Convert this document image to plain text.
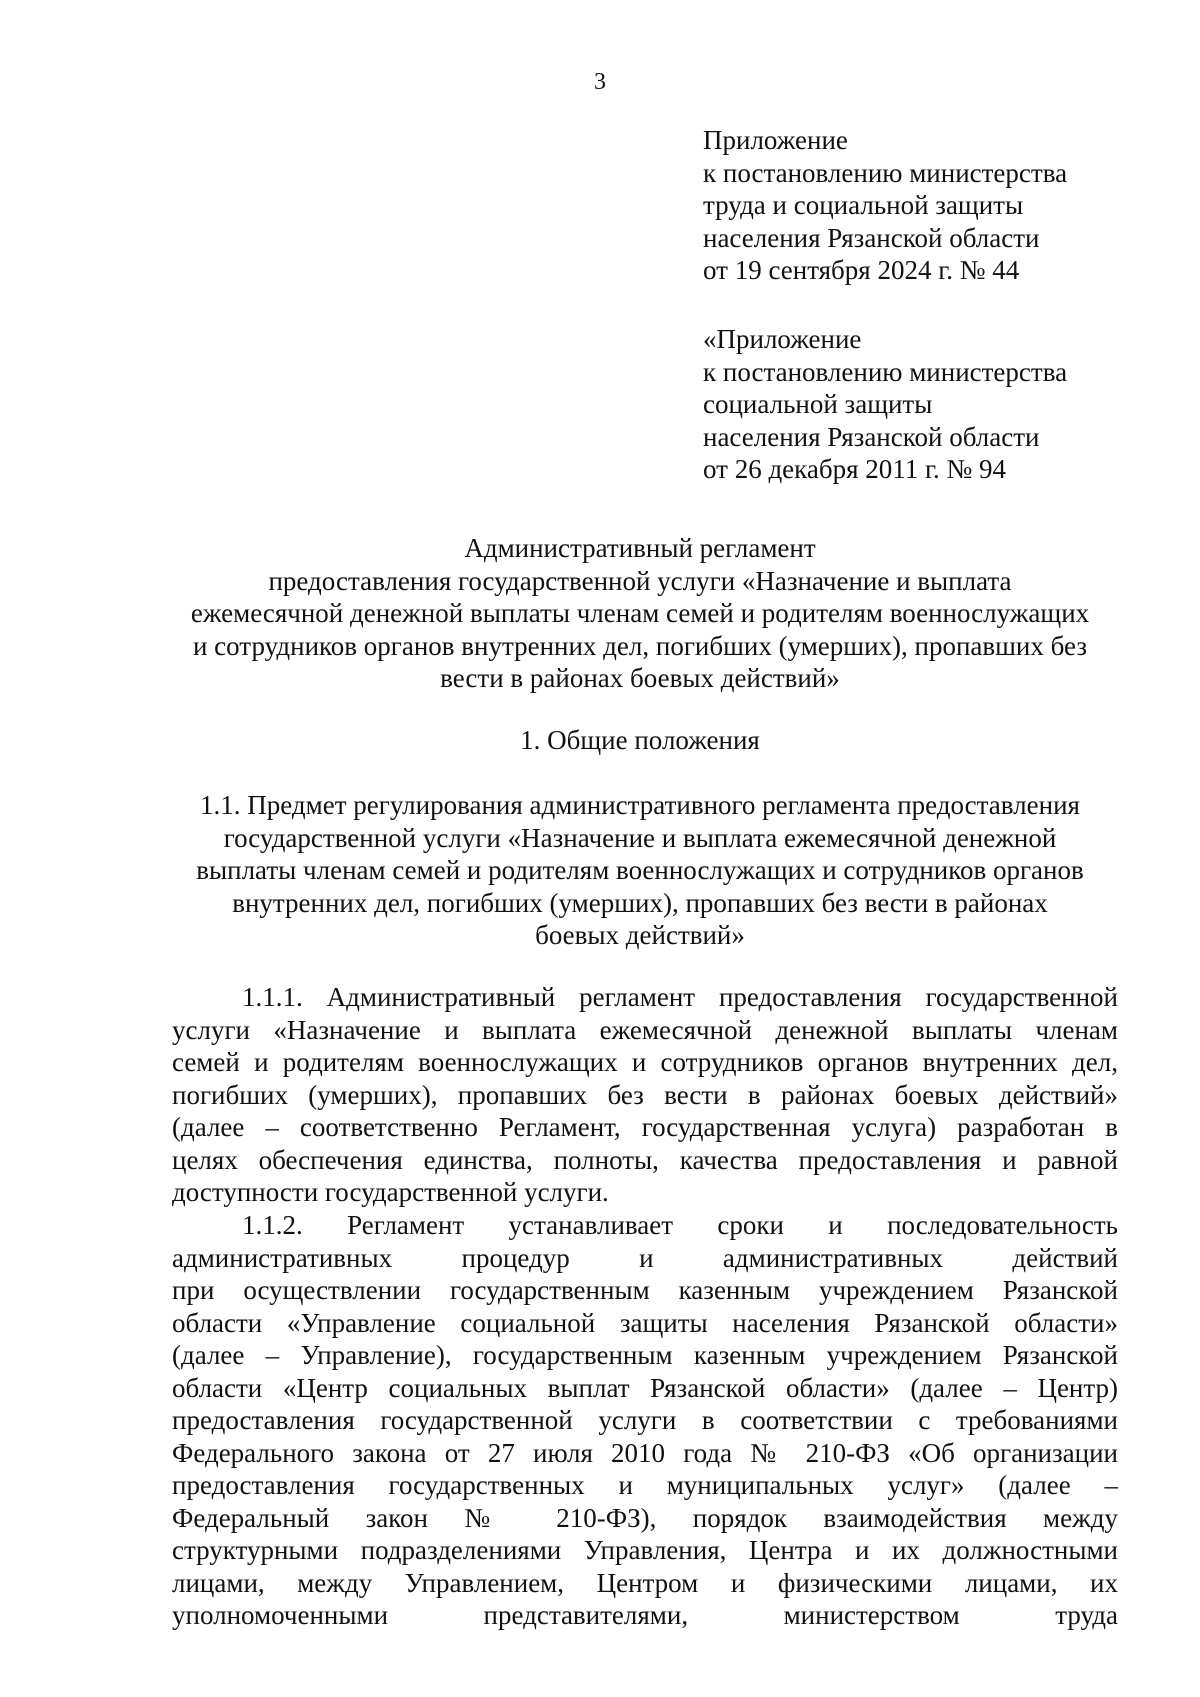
3
Приложение
к постановлению министерства
труда и социальной защиты
населения Рязанской области
от 19 сентября 2024 г. № 44
«Приложение
к постановлению министерства
социальной защиты
населения Рязанской области
от 26 декабря 2011 г. № 94
Административный регламент
предоставления государственной услуги «Назначение и выплата
ежемесячной денежной выплаты членам семей и родителям военнослужащих
и сотрудников органов внутренних дел, погибших (умерших), пропавших без
вести в районах боевых действий»
1. Общие положения
1.1. Предмет регулирования административного регламента предоставления
государственной услуги «Назначение и выплата ежемесячной денежной
выплаты членам семей и родителям военнослужащих и сотрудников органов
внутренних дел, погибших (умерших), пропавших без вести в районах
боевых действий»
1.1.1. Административный регламент предоставления государственной
услуги «Назначение и выплата ежемесячной денежной выплаты членам
семей и родителям военнослужащих и сотрудников органов внутренних дел,
погибших (умерших), пропавших без вести в районах боевых действий»
(далее – соответственно Регламент, государственная услуга) разработан в
целях обеспечения единства, полноты, качества предоставления и равной
доступности государственной услуги.
1.1.2. Регламент устанавливает сроки и последовательность
административных процедур и административных действий
при осуществлении государственным казенным учреждением Рязанской
области «Управление социальной защиты населения Рязанской области»
(далее – Управление), государственным казенным учреждением Рязанской
области «Центр социальных выплат Рязанской области» (далее – Центр)
предоставления государственной услуги в соответствии с требованиями
Федерального закона от 27 июля 2010 года № 210-ФЗ «Об организации
предоставления государственных и муниципальных услуг» (далее –
Федеральный закон № 210-ФЗ), порядок взаимодействия между
структурными подразделениями Управления, Центра и их должностными
лицами, между Управлением, Центром и физическими лицами, их
уполномоченными представителями, министерством труда
